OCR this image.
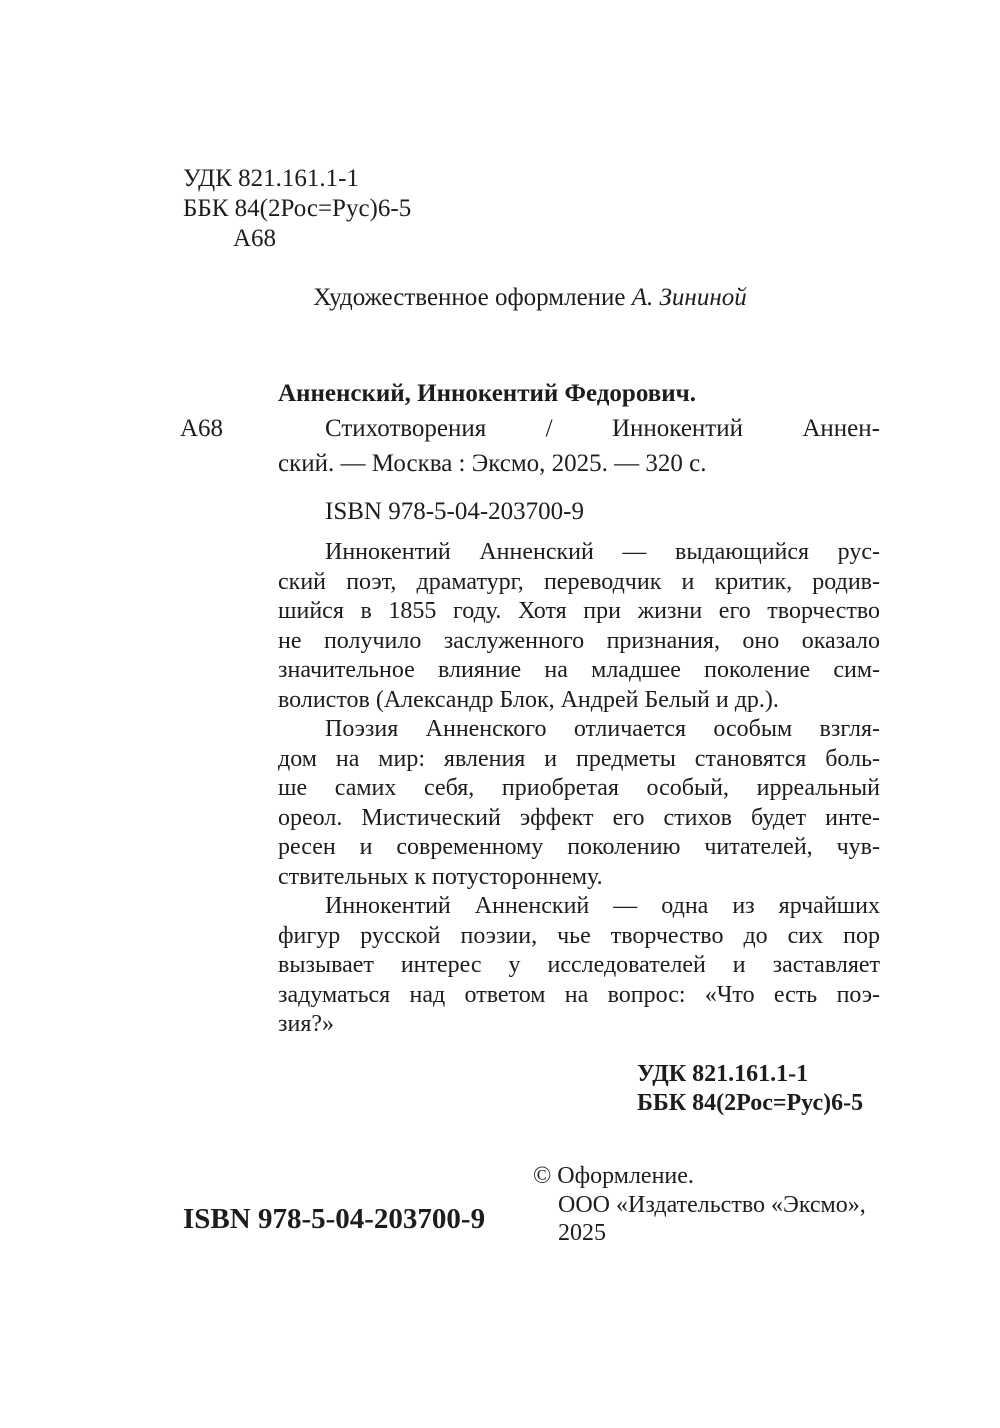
УДК 821.161.1-1
ББК 84(2Рос=Рус)6-5
А68
Художественное оформление А. Зининой
А68
Анненский, Иннокентий Федорович.
Стихотворения / Иннокентий Аннен-
ский. — Москва : Эксмо, 2025. — 320 с.
ISBN 978-5-04-203700-9
Иннокентий Анненский — выдающийся рус-
ский поэт, драматург, переводчик и критик, родив-
шийся в 1855 году. Хотя при жизни его творчество
не получило заслуженного признания, оно оказало
значительное влияние на младшее поколение сим-
волистов (Александр Блок, Андрей Белый и др.).
Поэзия Анненского отличается особым взгля-
дом на мир: явления и предметы становятся боль-
ше самих себя, приобретая особый, ирреальный
ореол. Мистический эффект его стихов будет инте-
ресен и современному поколению читателей, чув-
ствительных к потустороннему.
Иннокентий Анненский — одна из ярчайших
фигур русской поэзии, чье творчество до сих пор
вызывает интерес у исследователей и заставляет
задуматься над ответом на вопрос: «Что есть поэ-
зия?»
УДК 821.161.1-1
ББК 84(2Рос=Рус)6-5
© Оформление.
ООО «Издательство «Эксмо»,
2025
ISBN 978-5-04-203700-9
